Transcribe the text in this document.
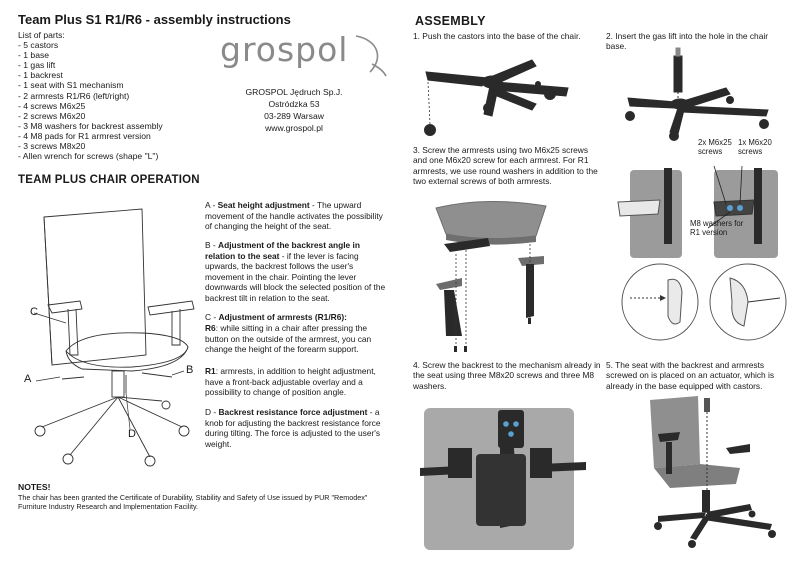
Team Plus S1 R1/R6 - assembly instructions
List of parts:
- 5 castors
- 1 base
- 1 gas lift
- 1 backrest
- 1 seat with S1 mechanism
- 2 armrests R1/R6 (left/right)
- 4 screws M6x25
- 2 screws M6x20
- 3 M8 washers for backrest assembly
- 4 M8 pads for R1 armrest version
- 3 screws M8x20
- Allen wrench for screws (shape "L")
grospol
GROSPOL Jędruch Sp.J.
Ostródzka 53
03-289 Warsaw
www.grospol.pl
TEAM PLUS CHAIR OPERATION
C
A
B
D
A - Seat height adjustment - The upward movement of the handle activates the possibility of changing the height of the seat.
B - Adjustment of the backrest angle in relation to the seat - if the lever is facing upwards, the backrest follows the user's movement in the chair. Pointing the lever downwards will block the selected position of the backrest tilt in relation to the seat.
C - Adjustment of armrests (R1/R6):
R6: while sitting in a chair after pressing the button on the outside of the armrest, you can change the height of the forearm support.
R1: armrests, in addition to height adjustment, have a front-back adjustable overlay and a possibility to change of position angle.
D - Backrest resistance force adjustment - a knob for adjusting the backrest resistance force during tilting. The force is adjusted to the user's weight.
NOTES!
The chair has been granted the Certificate of Durability, Stability and Safety of Use issued by PUR "Remodex" Furniture Industry Research and Implementation Facility.
ASSEMBLY
1. Push the castors into the base of the chair.	2. Insert the gas lift into the hole in the chair base.
3. Screw the armrests using two M6x25 screws and one M6x20 screw for each armrest. For R1 armrests, we use round washers in addition to the two external screws of both armrests.
2x M6x25 screws
1x M6x20 screws
M8 washers for R1 version
4. Screw the backrest to the mechanism already in the seat using three M8x20 screws and three M8 washers.
5. The seat with the backrest and armrests screwed on is placed on an actuator, which is already in the base equipped with castors.
